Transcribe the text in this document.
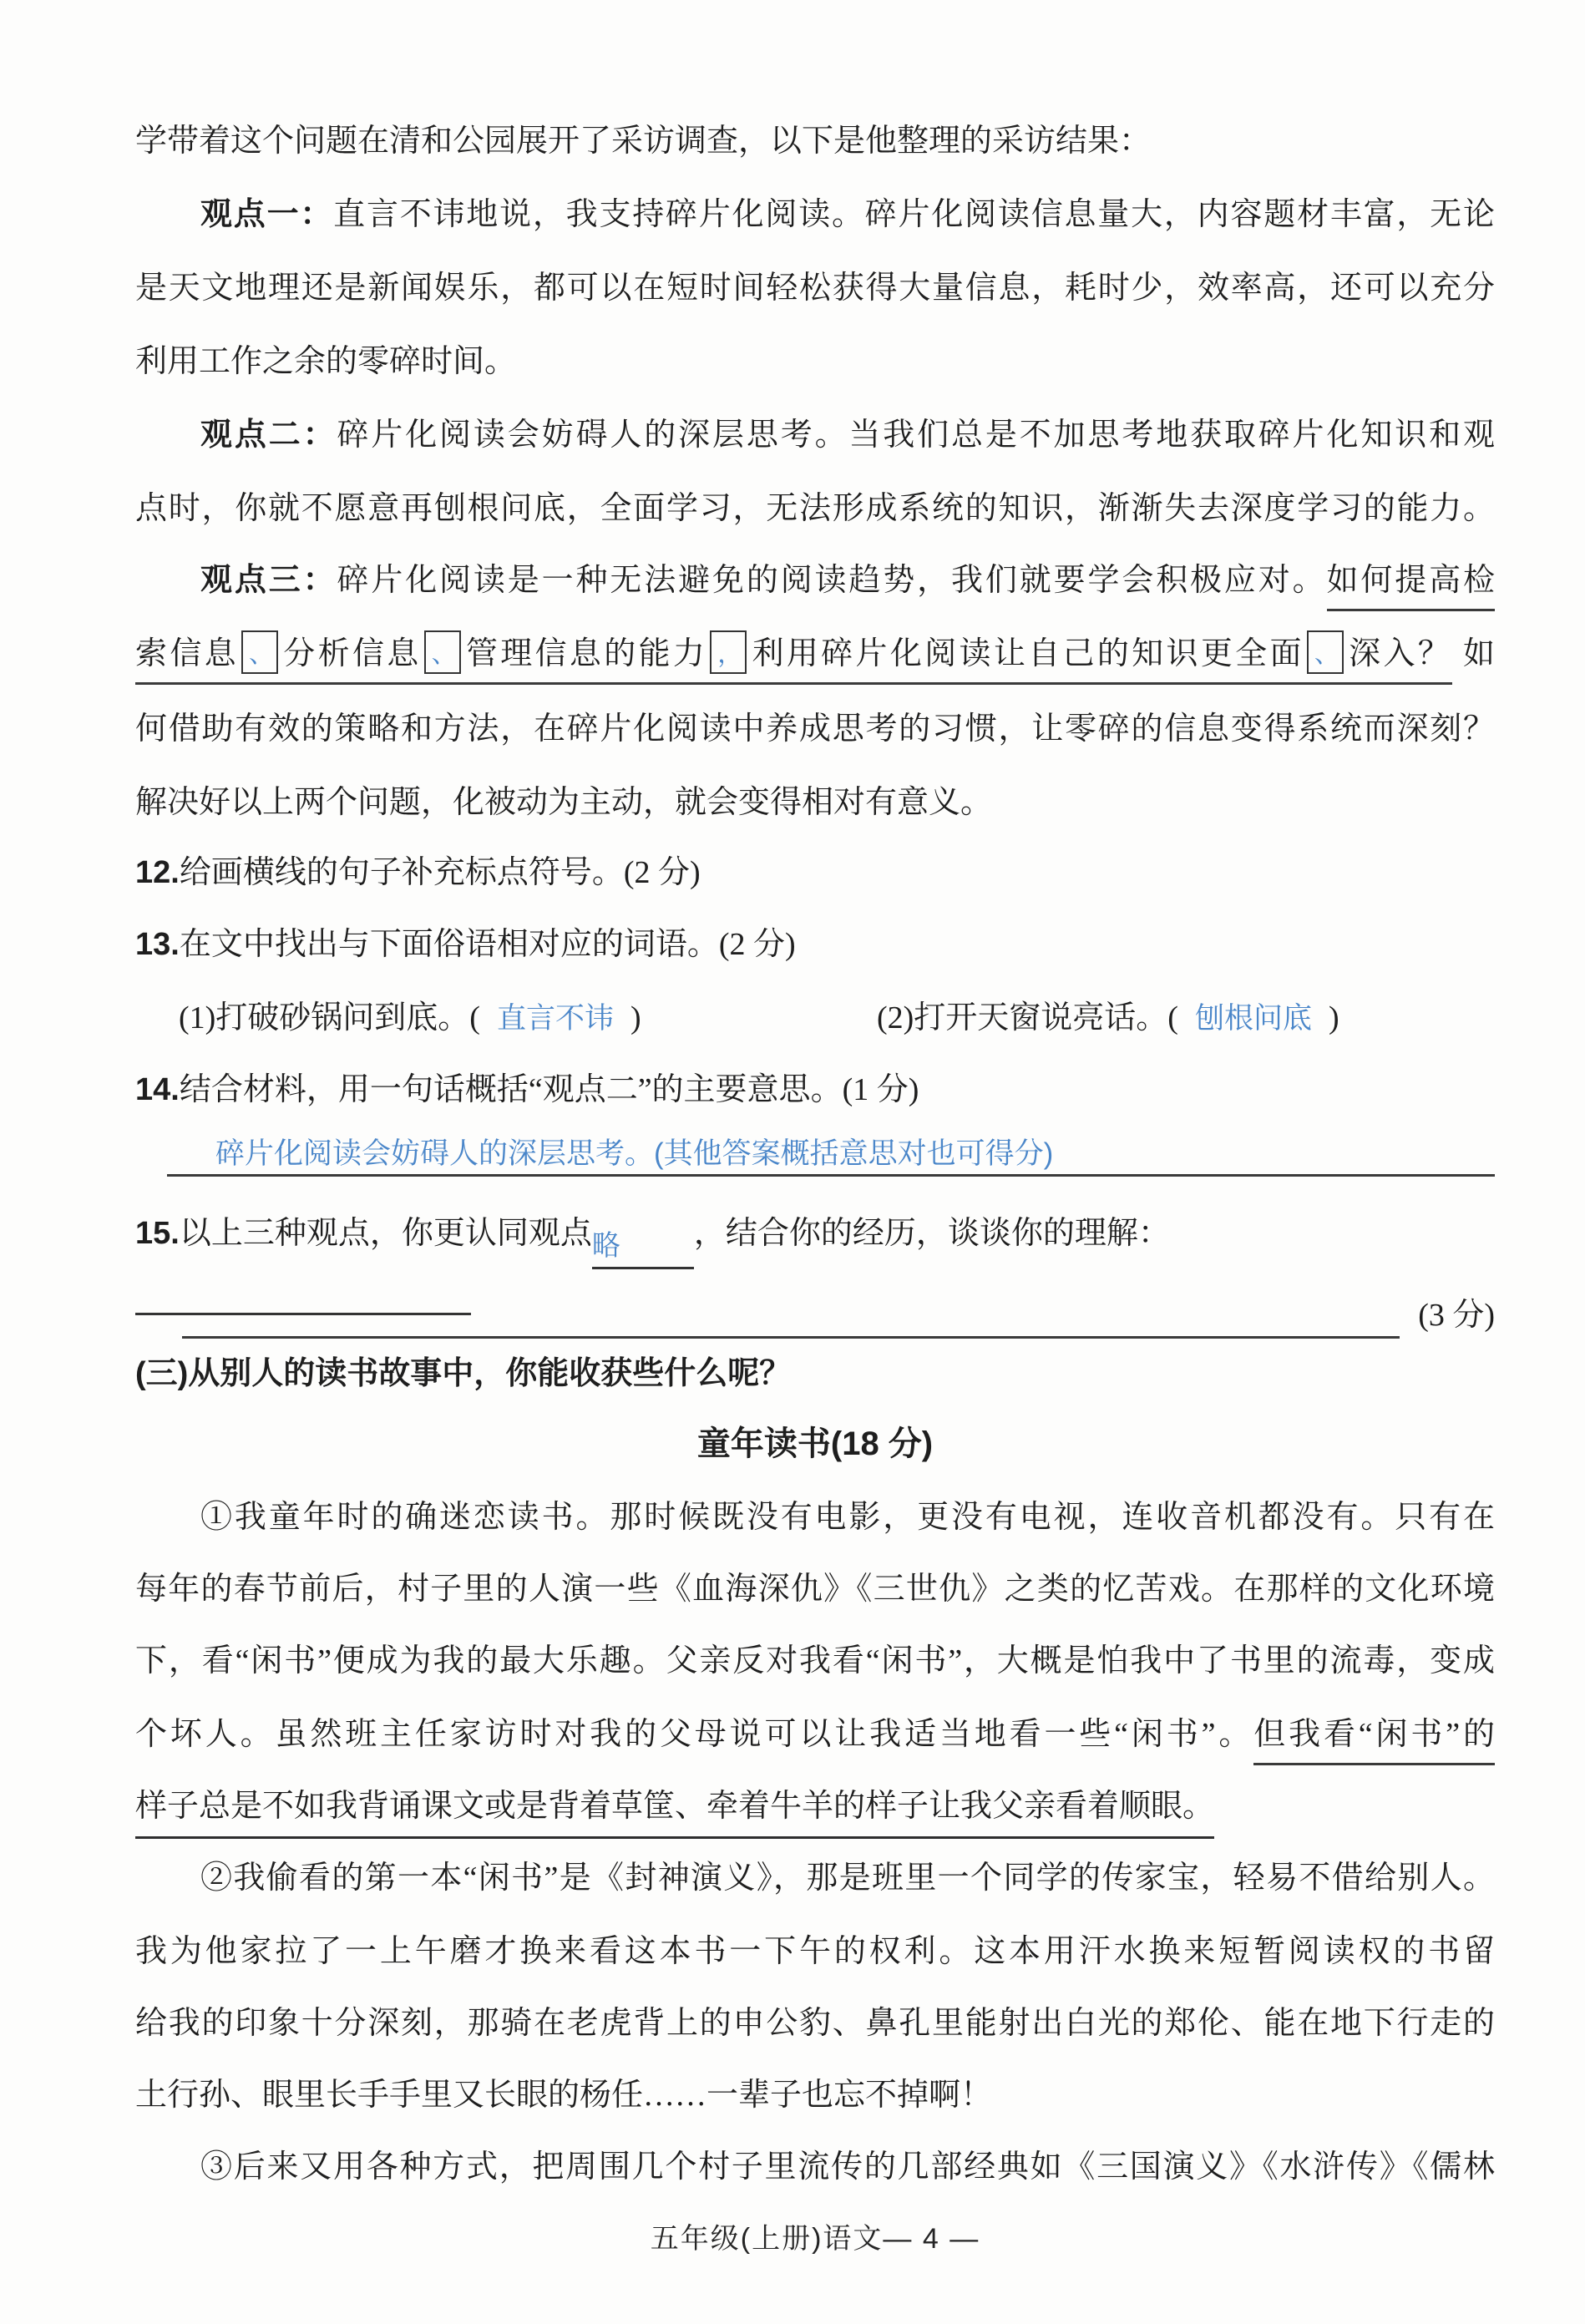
学带着这个问题在清和公园展开了采访调查，以下是他整理的采访结果：
观点一：直言不讳地说，我支持碎片化阅读。碎片化阅读信息量大，内容题材丰富，无论
是天文地理还是新闻娱乐，都可以在短时间轻松获得大量信息，耗时少，效率高，还可以充分
利用工作之余的零碎时间。
观点二：碎片化阅读会妨碍人的深层思考。当我们总是不加思考地获取碎片化知识和观
点时，你就不愿意再刨根问底，全面学习，无法形成系统的知识，渐渐失去深度学习的能力。
观点三：碎片化阅读是一种无法避免的阅读趋势，我们就要学会积极应对。如何提高检
索信息 、 分析信息 、 管理信息的能力 ， 利用碎片化阅读让自己的知识更全面 、 深入？ 如
何借助有效的策略和方法，在碎片化阅读中养成思考的习惯，让零碎的信息变得系统而深刻？
解决好以上两个问题，化被动为主动，就会变得相对有意义。
12.给画横线的句子补充标点符号。(2 分)
13.在文中找出与下面俗语相对应的词语。(2 分)
(1)打破砂锅问到底。( 直言不讳 )	(2)打开天窗说亮话。( 刨根问底 )
14.结合材料，用一句话概括“观点二”的主要意思。(1 分)
碎片化阅读会妨碍人的深层思考。(其他答案概括意思对也可得分)
15.以上三种观点，你更认同观点略 ，结合你的经历，谈谈你的理解：
(3 分)
(三)从别人的读书故事中，你能收获些什么呢？
童年读书(18 分)
①我童年时的确迷恋读书。那时候既没有电影，更没有电视，连收音机都没有。只有在
每年的春节前后，村子里的人演一些《血海深仇》《三世仇》之类的忆苦戏。在那样的文化环境
下，看“闲书”便成为我的最大乐趣。父亲反对我看“闲书”，大概是怕我中了书里的流毒，变成
个坏人。虽然班主任家访时对我的父母说可以让我适当地看一些“闲书”。但我看“闲书”的
样子总是不如我背诵课文或是背着草筐、牵着牛羊的样子让我父亲看着顺眼。
②我偷看的第一本“闲书”是《封神演义》，那是班里一个同学的传家宝，轻易不借给别人。
我为他家拉了一上午磨才换来看这本书一下午的权利。这本用汗水换来短暂阅读权的书留
给我的印象十分深刻，那骑在老虎背上的申公豹、鼻孔里能射出白光的郑伦、能在地下行走的
土行孙、眼里长手手里又长眼的杨任……一辈子也忘不掉啊！
③后来又用各种方式，把周围几个村子里流传的几部经典如《三国演义》《水浒传》《儒林
五年级(上册)语文— 4 —
